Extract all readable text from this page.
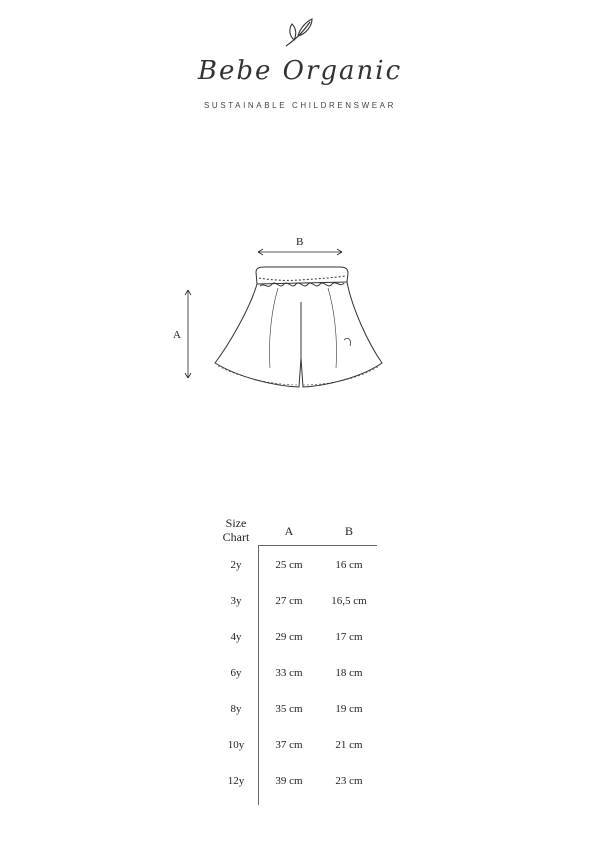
Bebe Organic
SUSTAINABLE CHILDRENSWEAR
B
A
Size Chart	A	B
2y	25 cm	16 cm
3y	27 cm	16,5 cm
4y	29 cm	17 cm
6y	33 cm	18 cm
8y	35 cm	19 cm
10y	37 cm	21 cm
12y	39 cm	23 cm
